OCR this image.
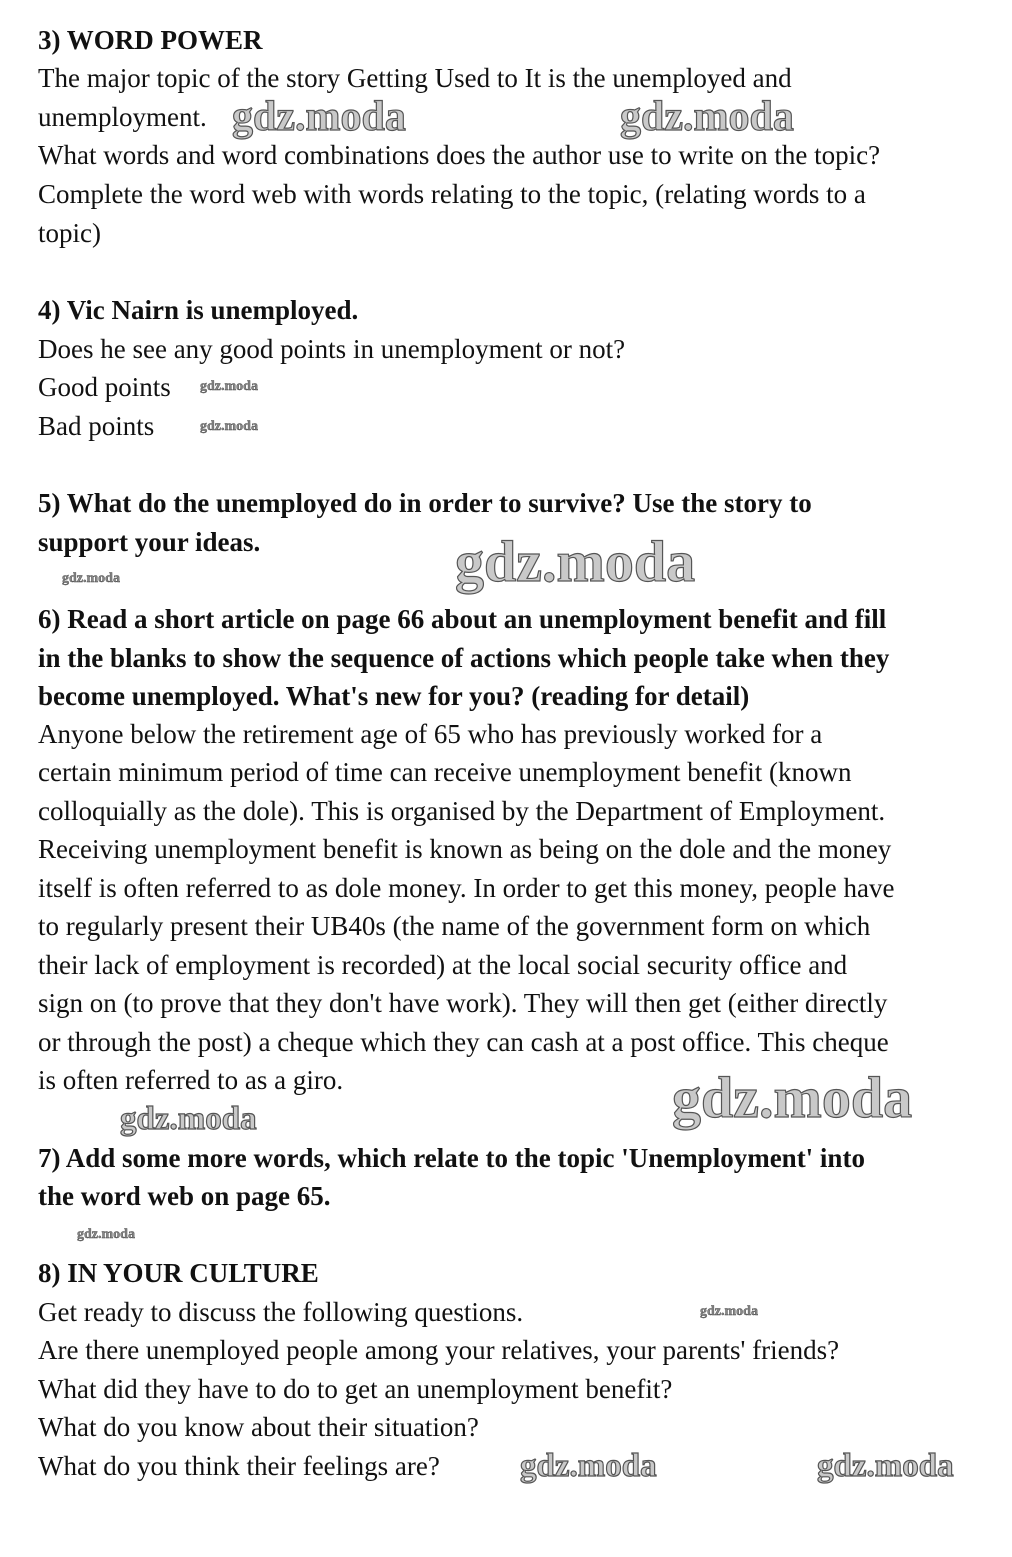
3) WORD POWER
The major topic of the story Getting Used to It is the unemployed and
unemployment.
What words and word combinations does the author use to write on the topic?
Complete the word web with words relating to the topic, (relating words to a
topic)
4) Vic Nairn is unemployed.
Does he see any good points in unemployment or not?
Good points
Bad points
5) What do the unemployed do in order to survive? Use the story to
support your ideas.
6) Read a short article on page 66 about an unemployment benefit and fill
in the blanks to show the sequence of actions which people take when they
become unemployed. What's new for you? (reading for detail)
Anyone below the retirement age of 65 who has previously worked for a
certain minimum period of time can receive unemployment benefit (known
colloquially as the dole). This is organised by the Department of Employment.
Receiving unemployment benefit is known as being on the dole and the money
itself is often referred to as dole money. In order to get this money, people have
to regularly present their UB40s (the name of the government form on which
their lack of employment is recorded) at the local social security office and
sign on (to prove that they don't have work). They will then get (either directly
or through the post) a cheque which they can cash at a post office. This cheque
is often referred to as a giro.
7) Add some more words, which relate to the topic 'Unemployment' into
the word web on page 65.
8) IN YOUR CULTURE
Get ready to discuss the following questions.
Are there unemployed people among your relatives, your parents' friends?
What did they have to do to get an unemployment benefit?
What do you know about their situation?
What do you think their feelings are?
gdz.moda	gdz.moda
gdz.moda
gdz.moda	gdz.moda
gdz.moda	gdz.moda
gdz.moda
gdz.moda
gdz.moda
gdz.moda
gdz.moda
